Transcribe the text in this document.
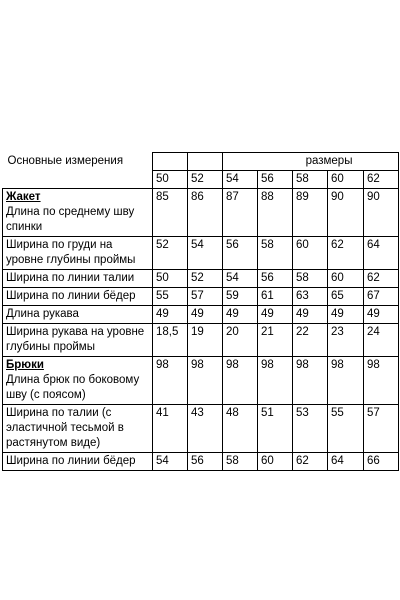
Основные измерения			размеры				
	50	52	54	56	58	60	62

Жакет
Длина по среднему шву спинки	85	86	87	88	89	90	90

Ширина по груди на уровне глубины проймы	52	54	56	58	60	62	64

Ширина по линии талии	50	52	54	56	58	60	62

Ширина по линии бёдер	55	57	59	61	63	65	67

Длина рукава	49	49	49	49	49	49	49

Ширина рукава на уровне глубины проймы	18,5	19	20	21	22	23	24

Брюки
Длина брюк по боковому шву (с поясом)	98	98	98	98	98	98	98

Ширина по талии (с эластичной тесьмой в растянутом виде)	41	43	48	51	53	55	57

Ширина по линии бёдер	54	56	58	60	62	64	66
